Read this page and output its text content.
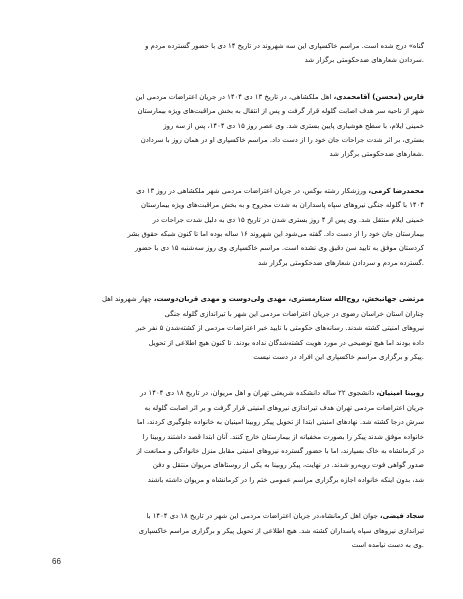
گناه» درج شده است. مراسم خاکسپاری این سه شهروند در تاریخ ۱۴ دی با حضور گسترده مردم و
.سردادن شعارهای ضدحکومتی برگزار شد

فارس (محسن) آقامحمدی، اهل ملکشاهی، در تاریخ ۱۳ دی ۱۴۰۴ در جریان اعتراضات مردمی این
شهر از ناحیه سر هدف اصابت گلوله قرار گرفت و پس از انتقال به بخش مراقبت‌های ویژه بیمارستان
خمینی ایلام، با سطح هوشیاری پایین بستری شد. وی عصر روز ۱۵ دی ۱۴۰۴، پس از سه روز
بستری، بر اثر شدت جراحات جان خود را از دست داد. مراسم خاکسپاری او در همان روز با سردادن
.شعارهای ضدحکومتی برگزار شد

محمدرضا کرمی، ورزشکار رشته بوکس، در جریان اعتراضات مردمی شهر ملکشاهی در روز ۱۳ دی
۱۴۰۴ با گلوله جنگی نیروهای سپاه پاسداران به شدت مجروح و به بخش مراقبت‌های ویژه بیمارستان
خمینی ایلام منتقل شد. وی پس از ۴ روز بستری شدن در تاریخ ۱۵ دی به دلیل شدت جراحات در
بیمارستان جان خود را از دست داد. گفته می‌شود این شهروند ۱۶ ساله بوده اما تا کنون شبکه حقوق بشر
کردستان موفق به تایید سن دقیق وی نشده است. مراسم خاکسپاری وی روز سه‌شنبه ۱۵ دی با حضور
.گسترده مردم و سردادن شعارهای ضدحکومتی برگزار شد

مرتضی جهانبخش، روح‌الله ستارمستری، مهدی ولی‌دوست و مهدی قربان‌دوست، چهار شهروند اهل
چناران استان خراسان رضوی در جریان اعتراضات مردمی این شهر با تیراندازی گلوله جنگی
نیروهای امنیتی کشته شدند. رسانه‌های حکومتی با تایید خبر اعتراضات مردمی از کشته‌شدن ۵ نفر خبر
داده بودند اما هیچ توضیحی در مورد هویت کشته‌شدگان نداده بودند. تا کنون هیچ اطلاعی از تحویل
.پیکر و برگزاری مراسم خاکسپاری این افراد در دست نیست

روبینا امینیان، دانشجوی ۲۲ ساله دانشکده شریعتی تهران و اهل مریوان، در تاریخ ۱۸ دی ۱۴۰۴ در
جریان اعتراضات مردمی تهران هدف تیراندازی نیروهای امنیتی قرار گرفت و بر اثر اصابت گلوله به
سرش درجا کشته شد. نهادهای امنیتی ابتدا از تحویل پیکر روبینا امینیان به خانواده جلوگیری کردند، اما
خانواده موفق شدند پیکر را بصورت مخفیانه از بیمارستان خارج کنند. آنان ابتدا قصد داشتند روبینا را
در کرمانشاه به خاک بسپارند، اما با حضور گسترده نیروهای امنیتی مقابل منزل خانوادگی و ممانعت از
صدور گواهی فوت روبه‌رو شدند. در نهایت، پیکر روبینا به یکی از روستاهای مریوان منتقل و دفن
شد، بدون اینکه خانواده اجازه برگزاری مراسم عمومی ختم را در کرمانشاه و مریوان داشته باشند

سجاد فیضی، جوان اهل کرمانشاه،در جریان اعتراضات مردمی این شهر در تاریخ ۱۸ دی ۱۴۰۴ با
تیراندازی نیروهای سپاه پاسداران کشته شد. هیچ اطلاعی از تحویل پیکر و برگزاری مراسم خاکسپاری
.وی به دست نیامده است

66
